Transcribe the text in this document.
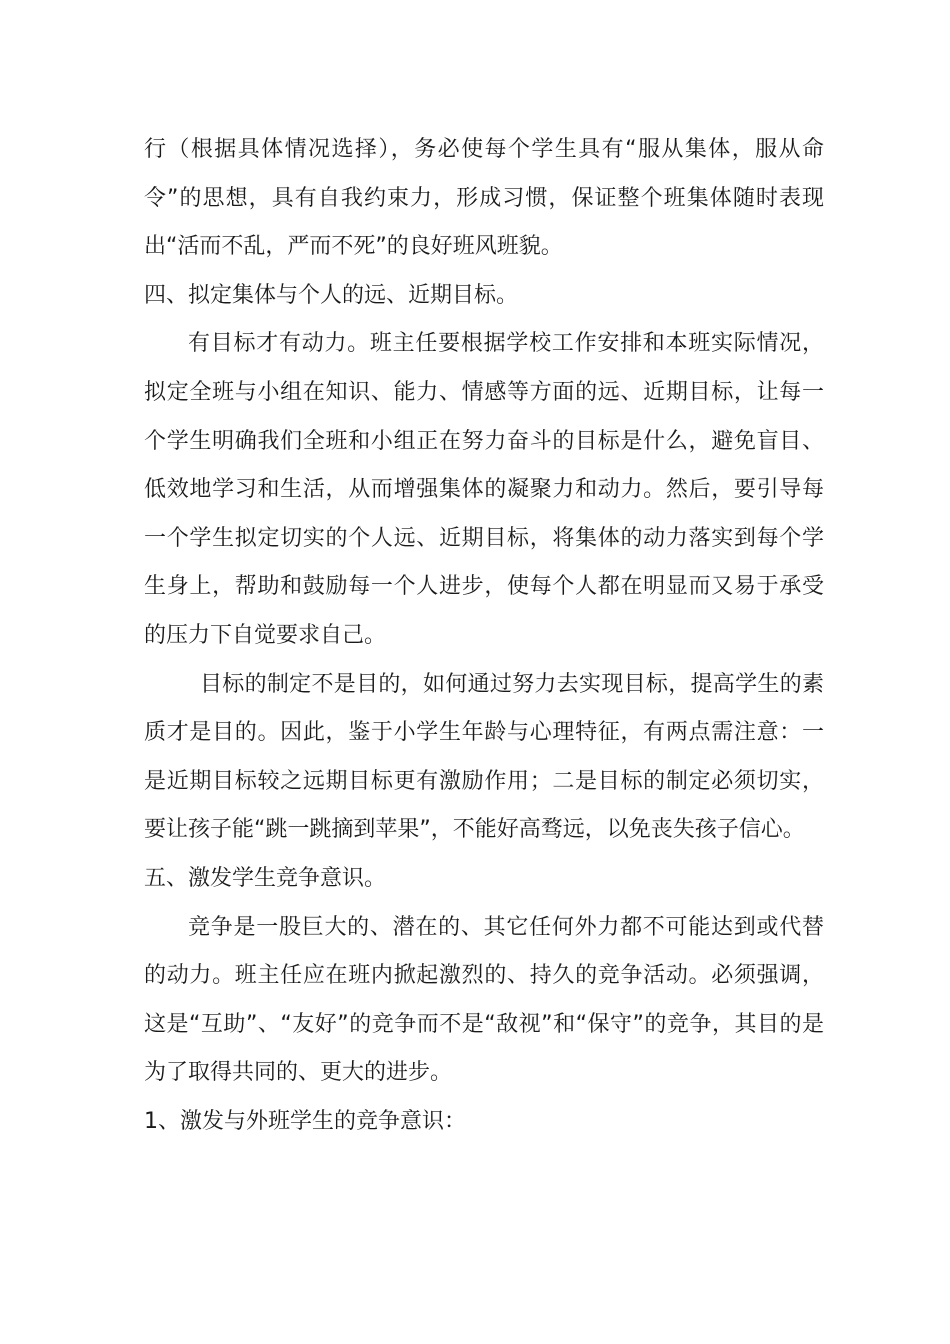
行（根据具体情况选择），务必使每个学生具有“服从集体，服从命令”的思想，具有自我约束力，形成习惯，保证整个班集体随时表现出“活而不乱，严而不死”的良好班风班貌。

四、拟定集体与个人的远、近期目标。

有目标才有动力。班主任要根据学校工作安排和本班实际情况，拟定全班与小组在知识、能力、情感等方面的远、近期目标，让每一个学生明确我们全班和小组正在努力奋斗的目标是什么，避免盲目、低效地学习和生活，从而增强集体的凝聚力和动力。然后，要引导每一个学生拟定切实的个人远、近期目标，将集体的动力落实到每个学生身上，帮助和鼓励每一个人进步，使每个人都在明显而又易于承受的压力下自觉要求自己。

目标的制定不是目的，如何通过努力去实现目标，提高学生的素质才是目的。因此，鉴于小学生年龄与心理特征，有两点需注意：一是近期目标较之远期目标更有激励作用；二是目标的制定必须切实，要让孩子能“跳一跳摘到苹果”，不能好高骛远，以免丧失孩子信心。

五、激发学生竞争意识。

竞争是一股巨大的、潜在的、其它任何外力都不可能达到或代替的动力。班主任应在班内掀起激烈的、持久的竞争活动。必须强调，这是“互助”、“友好”的竞争而不是“敌视”和“保守”的竞争，其目的是为了取得共同的、更大的进步。

1、激发与外班学生的竞争意识：
